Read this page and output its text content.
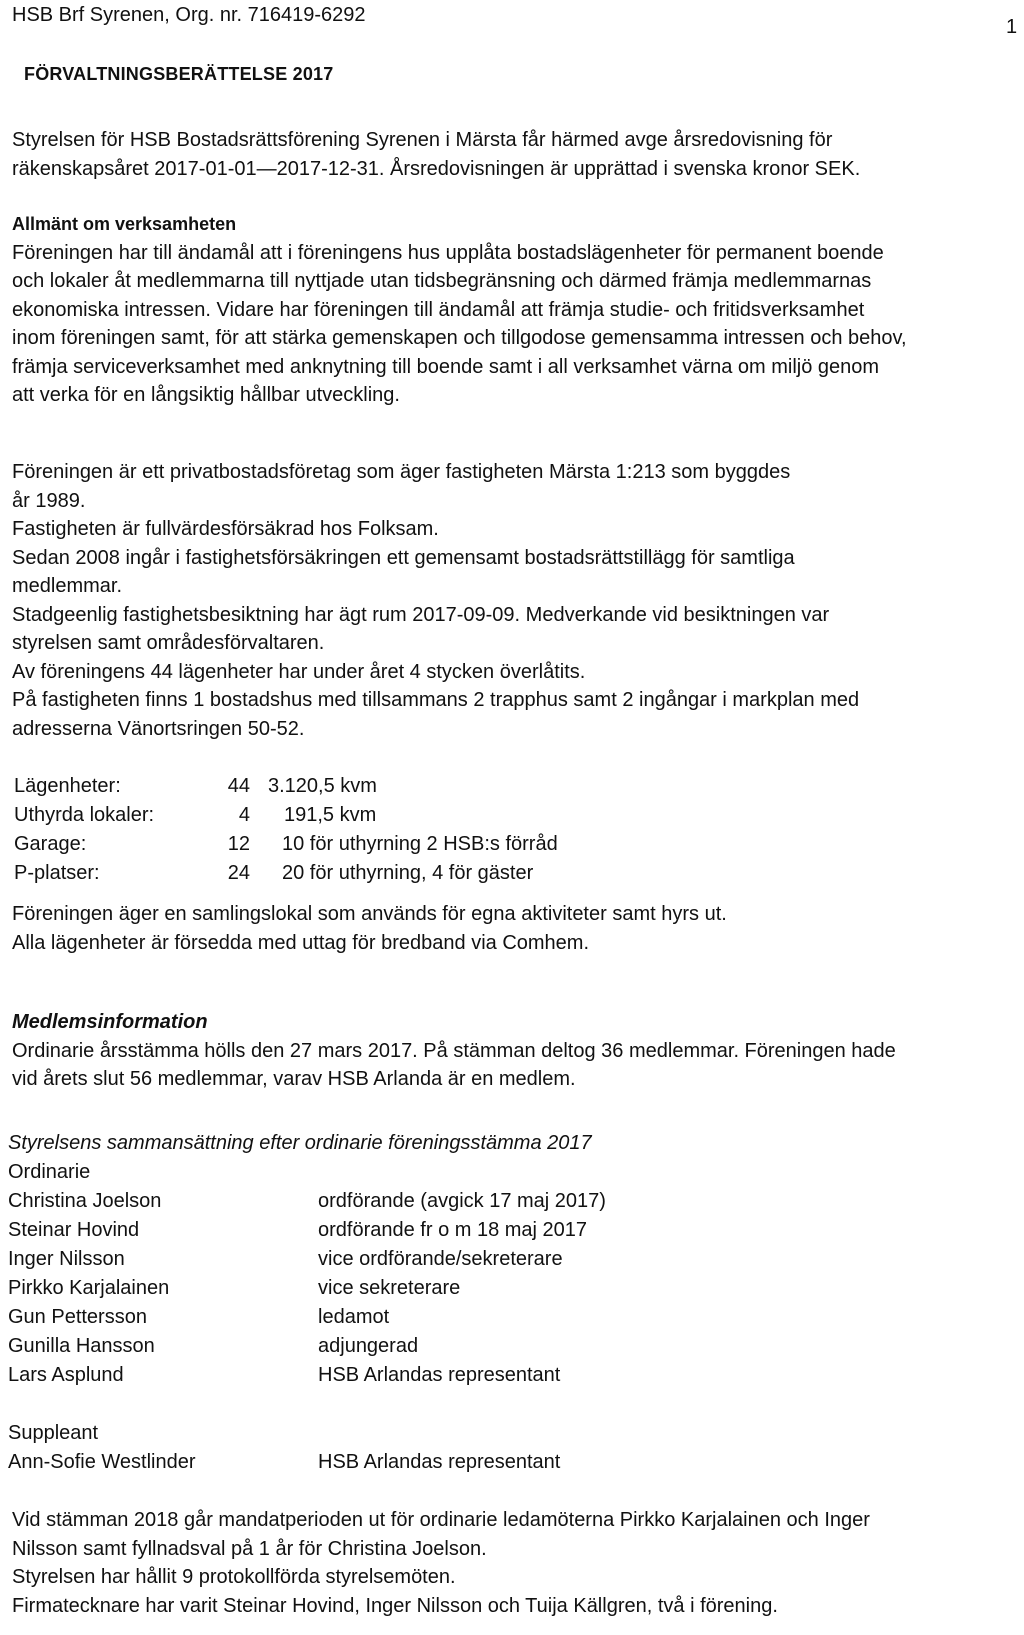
HSB Brf Syrenen, Org. nr. 716419-6292
1
FÖRVALTNINGSBERÄTTELSE 2017

Styrelsen för HSB Bostadsrättsförening Syrenen i Märsta får härmed avge årsredovisning för

räkenskapsåret 2017-01-01—2017-12-31. Årsredovisningen är upprättad i svenska kronor SEK.

Allmänt om verksamheten

Föreningen har till ändamål att i föreningens hus upplåta bostadslägenheter för permanent boende

och lokaler åt medlemmarna till nyttjade utan tidsbegränsning och därmed främja medlemmarnas

ekonomiska intressen. Vidare har föreningen till ändamål att främja studie- och fritidsverksamhet

inom föreningen samt, för att stärka gemenskapen och tillgodose gemensamma intressen och behov,

främja serviceverksamhet med anknytning till boende samt i all verksamhet värna om miljö genom

att verka för en långsiktig hållbar utveckling.

Föreningen är ett privatbostadsföretag som äger fastigheten Märsta 1:213 som byggdes

år 1989.

Fastigheten är fullvärdesförsäkrad hos Folksam.

Sedan 2008 ingår i fastighetsförsäkringen ett gemensamt bostadsrättstillägg för samtliga

medlemmar.

Stadgeenlig fastighetsbesiktning har ägt rum 2017-09-09. Medverkande vid besiktningen var

styrelsen samt områdesförvaltaren.

Av föreningens 44 lägenheter har under året 4 stycken överlåtits.

På fastigheten finns 1 bostadshus med tillsammans 2 trapphus samt 2 ingångar i markplan med

adresserna Vänortsringen 50-52.

Lägenheter:	44 3.120,5 kvm
Uthyrda lokaler:	4 191,5 kvm
Garage:	12 10 för uthyrning 2 HSB:s förråd
P-platser:	24 20 för uthyrning, 4 för gäster

Föreningen äger en samlingslokal som används för egna aktiviteter samt hyrs ut.

Alla lägenheter är försedda med uttag för bredband via Comhem.

Medlemsinformation

Ordinarie årsstämma hölls den 27 mars 2017. På stämman deltog 36 medlemmar. Föreningen hade

vid årets slut 56 medlemmar, varav HSB Arlanda är en medlem.

Styrelsens sammansättning efter ordinarie föreningsstämma 2017
Ordinarie
Christina Joelson	ordförande (avgick 17 maj 2017)
Steinar Hovind	ordförande fr o m 18 maj 2017
Inger Nilsson	vice ordförande/sekreterare
Pirkko Karjalainen	vice sekreterare
Gun Pettersson	ledamot
Gunilla Hansson	adjungerad
Lars Asplund	HSB Arlandas representant
Suppleant
Ann-Sofie Westlinder	HSB Arlandas representant

Vid stämman 2018 går mandatperioden ut för ordinarie ledamöterna Pirkko Karjalainen och Inger

Nilsson samt fyllnadsval på 1 år för Christina Joelson.

Styrelsen har hållit 9 protokollförda styrelsemöten.

Firmatecknare har varit Steinar Hovind, Inger Nilsson och Tuija Källgren, två i förening.
